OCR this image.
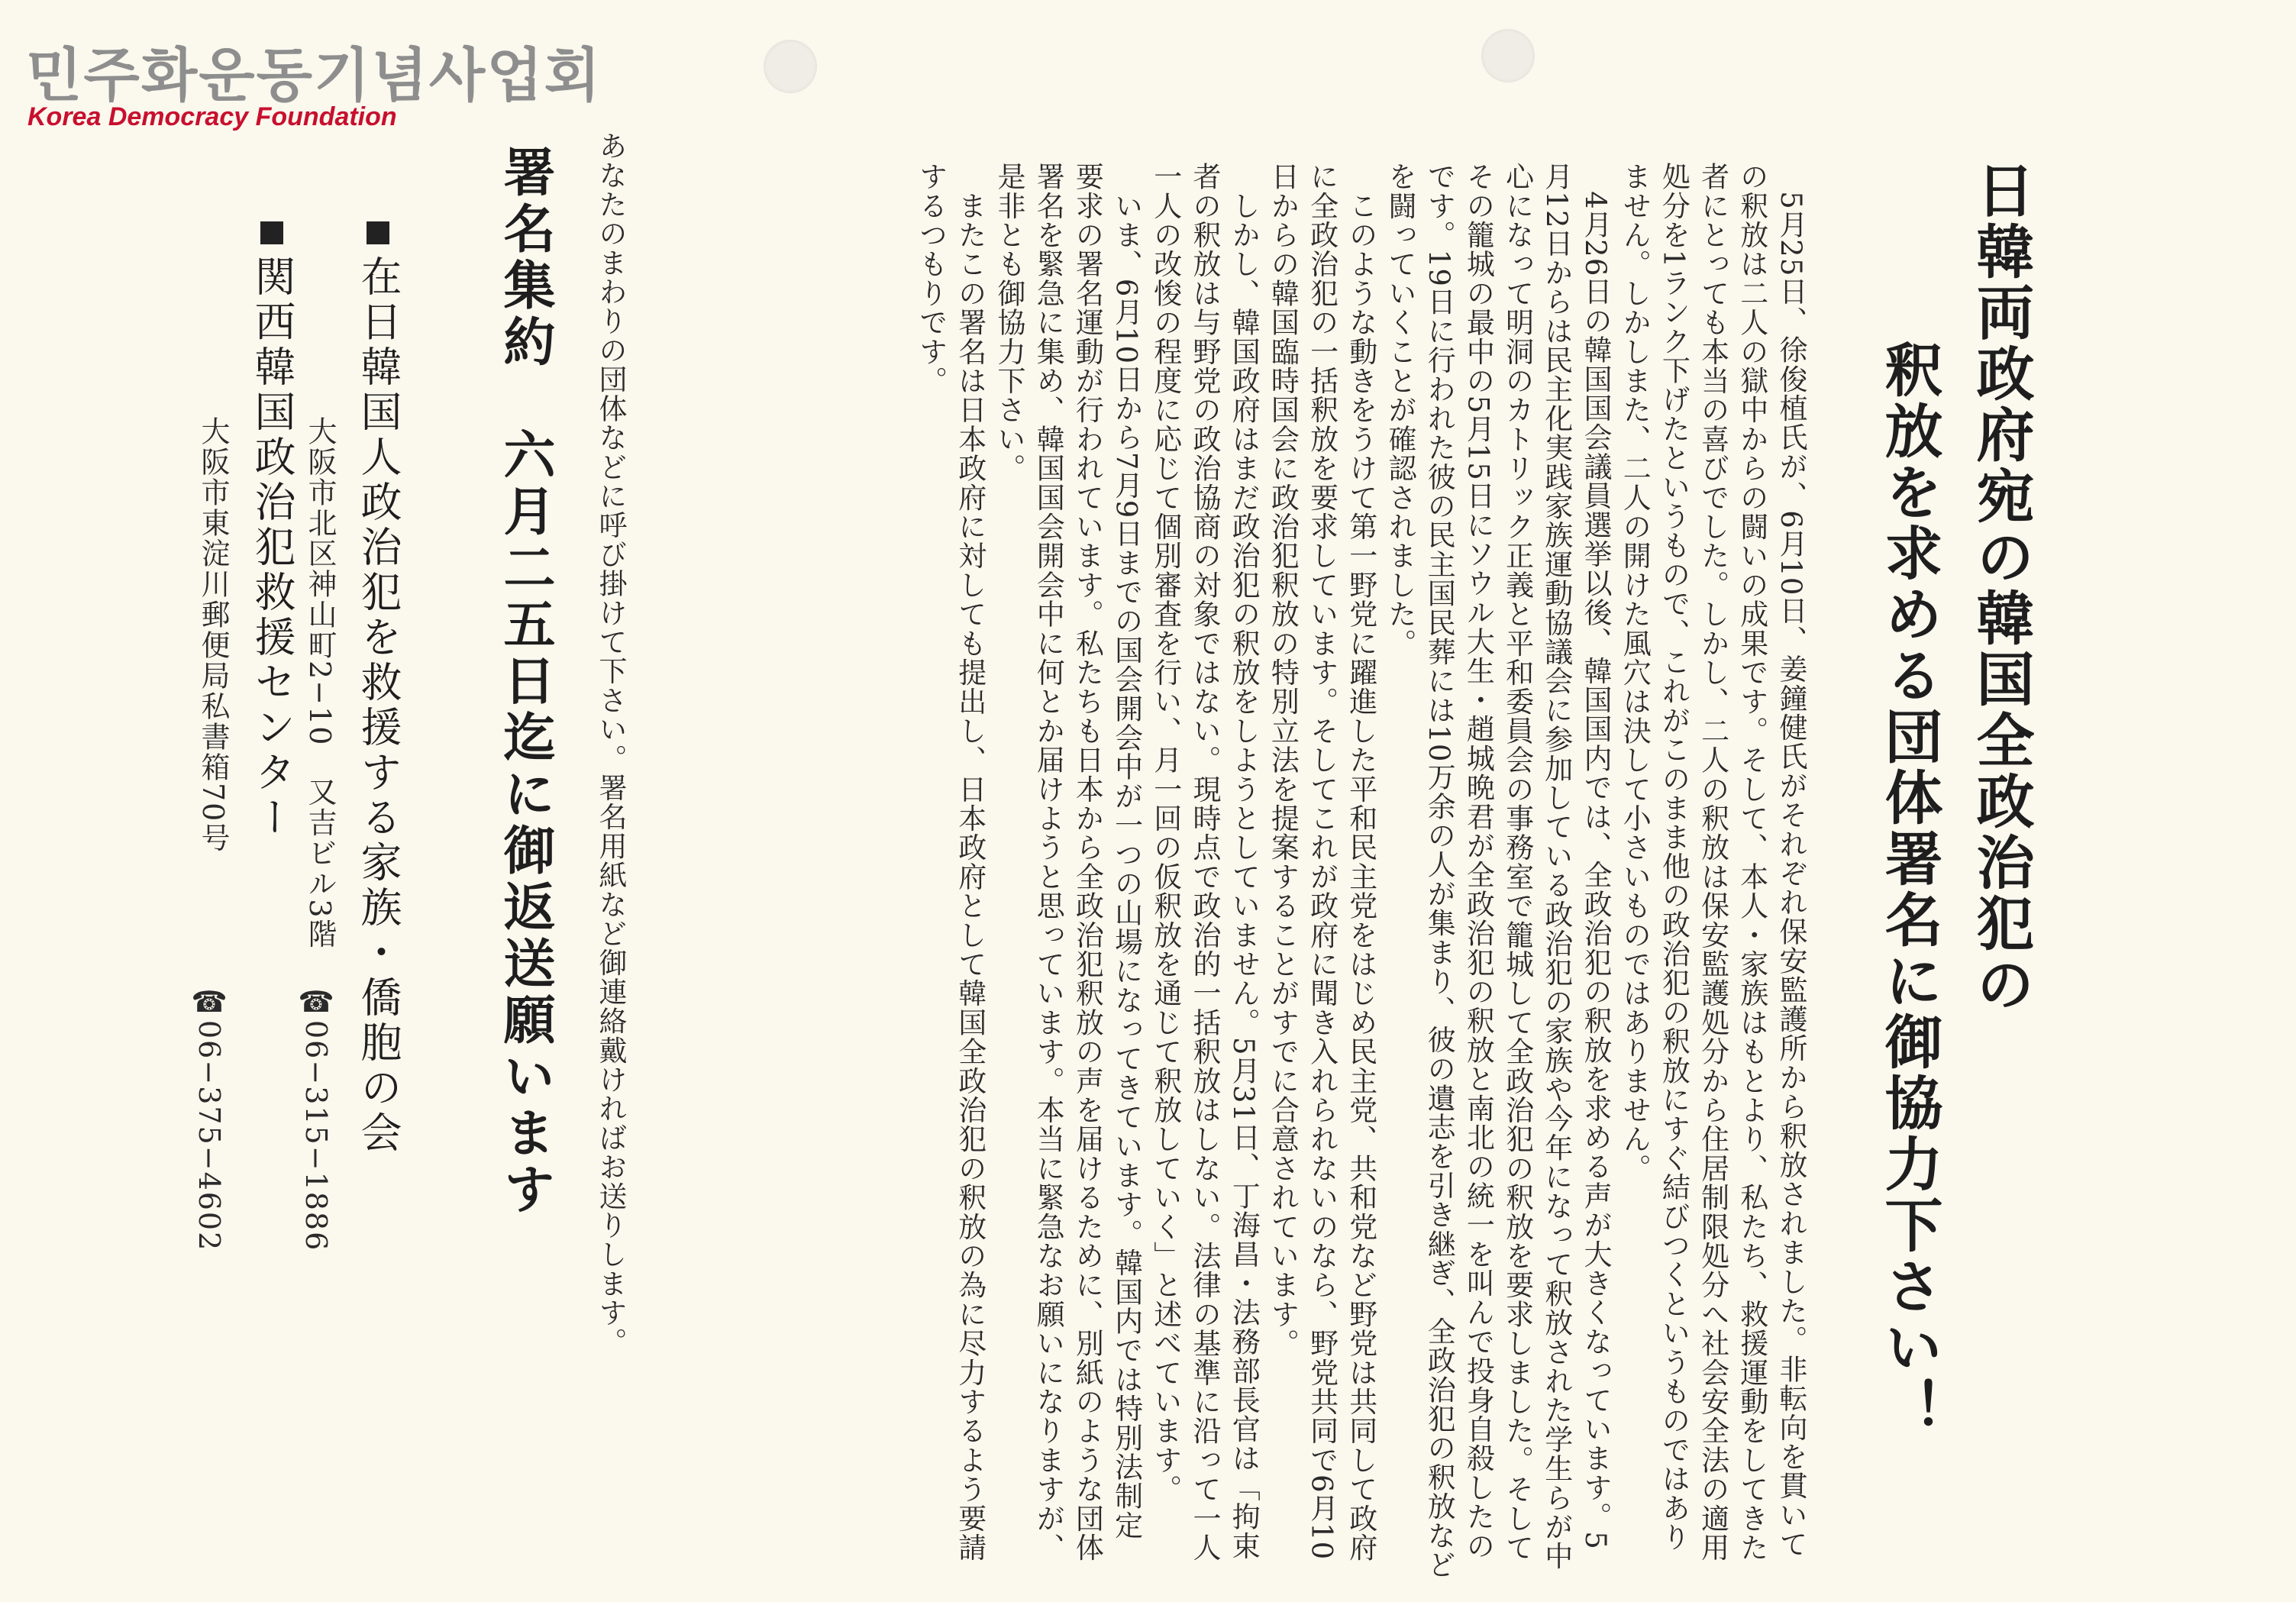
민주화운동기념사업회
Korea Democracy Foundation
日韓両政府宛の韓国全政治犯の
釈放を求める団体署名に御協力下さい！
　5月25日、徐俊植氏が、6月10日、姜鐘健氏がそれぞれ保安監護所から釈放されました。非転向を貫いて
の釈放は二人の獄中からの闘いの成果です。そして、本人・家族はもとより、私たち、救援運動をしてきた
者にとっても本当の喜びでした。しかし、二人の釈放は保安監護処分から住居制限処分へ社会安全法の適用
処分を1ランク下げたというもので、これがこのまま他の政治犯の釈放にすぐ結びつくというものではあり
ません。しかしまた、二人の開けた風穴は決して小さいものではありません。
　4月26日の韓国国会議員選挙以後、韓国国内では、全政治犯の釈放を求める声が大きくなっています。5
月12日からは民主化実践家族運動協議会に参加している政治犯の家族や今年になって釈放された学生らが中
心になって明洞のカトリック正義と平和委員会の事務室で籠城して全政治犯の釈放を要求しました。そして
その籠城の最中の5月15日にソウル大生・趙城晩君が全政治犯の釈放と南北の統一を叫んで投身自殺したの
です。19日に行われた彼の民主国民葬には10万余の人が集まり、彼の遺志を引き継ぎ、全政治犯の釈放など
を闘っていくことが確認されました。
　このような動きをうけて第一野党に躍進した平和民主党をはじめ民主党、共和党など野党は共同して政府
に全政治犯の一括釈放を要求しています。そしてこれが政府に聞き入れられないのなら、野党共同で6月10
日からの韓国臨時国会に政治犯釈放の特別立法を提案することがすでに合意されています。
　しかし、韓国政府はまだ政治犯の釈放をしようとしていません。5月31日、丁海昌・法務部長官は「拘束
者の釈放は与野党の政治協商の対象ではない。現時点で政治的一括釈放はしない。法律の基準に沿って一人
一人の改悛の程度に応じて個別審査を行い、月一回の仮釈放を通じて釈放していく」と述べています。
　いま、6月10日から7月9日までの国会開会中が一つの山場になってきています。韓国内では特別法制定
要求の署名運動が行われています。私たちも日本から全政治犯釈放の声を届けるために、別紙のような団体
署名を緊急に集め、韓国国会開会中に何とか届けようと思っています。本当に緊急なお願いになりますが、
是非とも御協力下さい。
　またこの署名は日本政府に対しても提出し、日本政府として韓国全政治犯の釈放の為に尽力するよう要請
するつもりです。
あなたのまわりの団体などに呼び掛けて下さい。署名用紙など御連絡戴ければお送りします。
署名集約　六月二五日迄に御返送願います
在日韓国人政治犯を救援する家族・僑胞の会
大阪市北区神山町2−10　又吉ビル3階
☎06−315−1886
関西韓国政治犯救援センター
大阪市東淀川郵便局私書箱70号
☎06−375−4602
